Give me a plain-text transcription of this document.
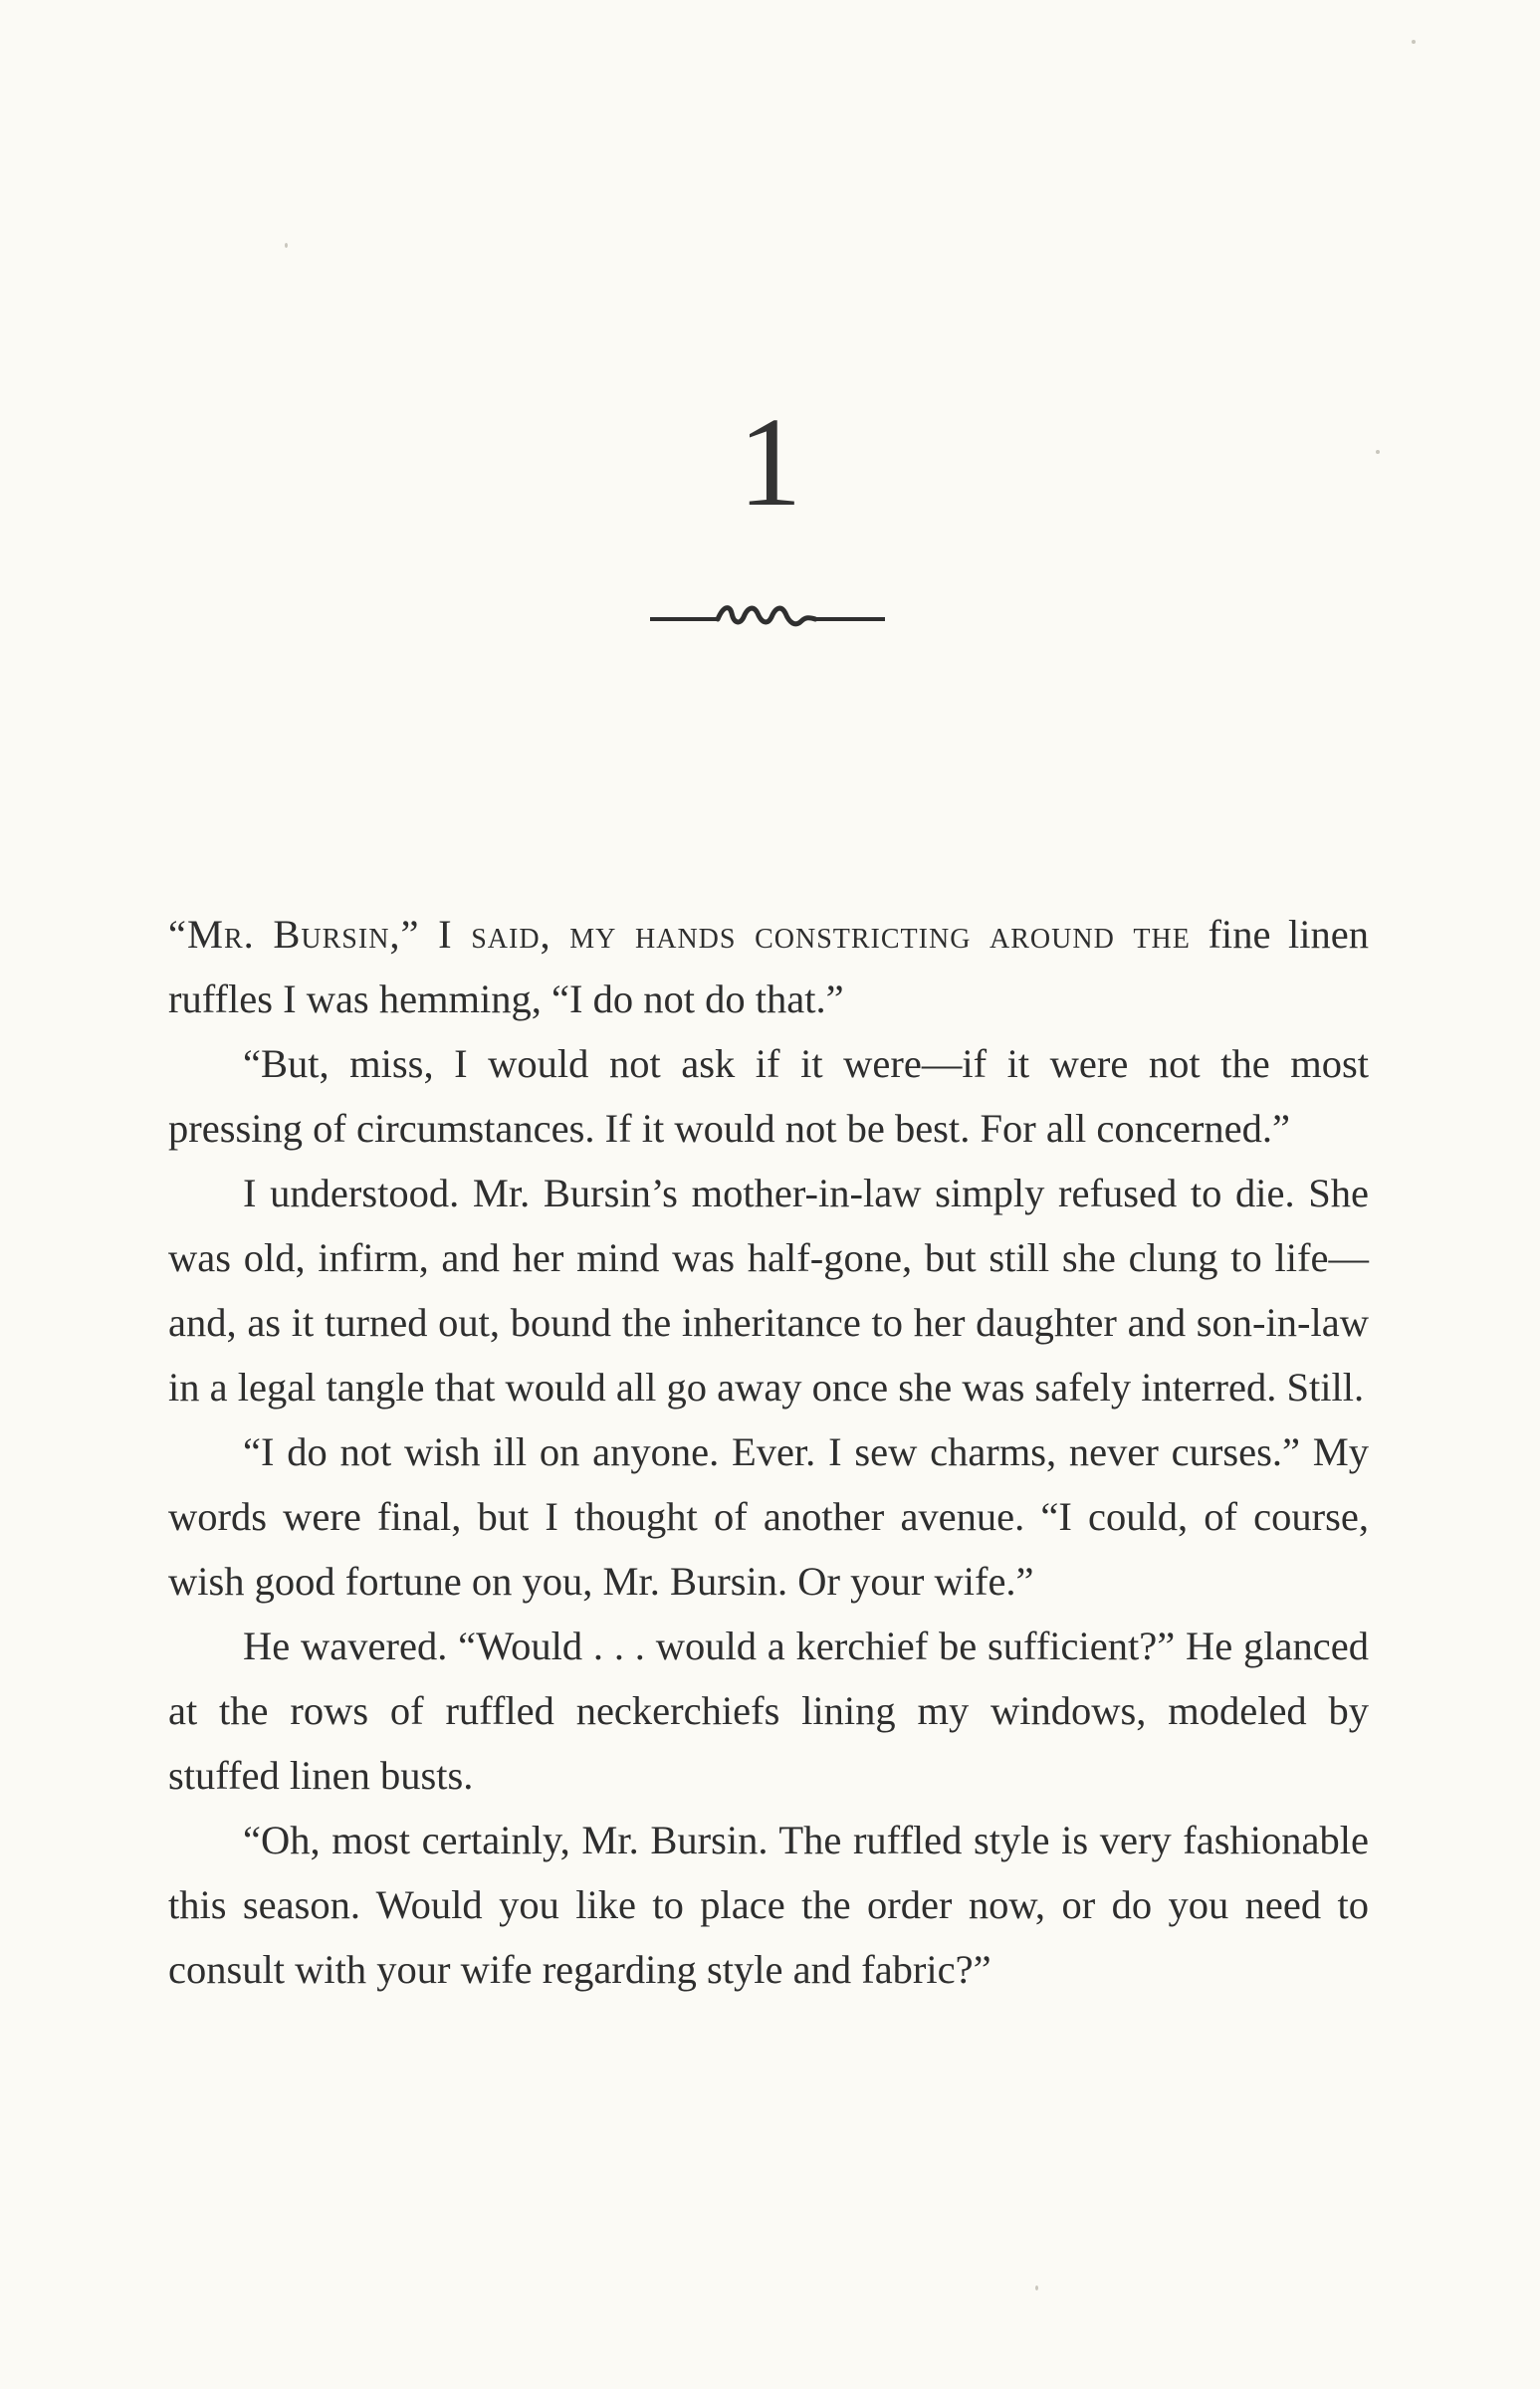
1

“Mr. Bursin,” I said, my hands constricting around the fine linen ruffles I was hemming, “I do not do that.”

“But, miss, I would not ask if it were—if it were not the most pressing of circumstances. If it would not be best. For all concerned.”

I understood. Mr. Bursin’s mother-in-law simply refused to die. She was old, infirm, and her mind was half-gone, but still she clung to life—and, as it turned out, bound the inheritance to her daughter and son-in-law in a legal tangle that would all go away once she was safely interred. Still.

“I do not wish ill on anyone. Ever. I sew charms, never curses.” My words were final, but I thought of another avenue. “I could, of course, wish good fortune on you, Mr. Bursin. Or your wife.”

He wavered. “Would . . . would a kerchief be sufficient?” He glanced at the rows of ruffled neckerchiefs lining my windows, modeled by stuffed linen busts.

“Oh, most certainly, Mr. Bursin. The ruffled style is very fashionable this season. Would you like to place the order now, or do you need to consult with your wife regarding style and fabric?”
